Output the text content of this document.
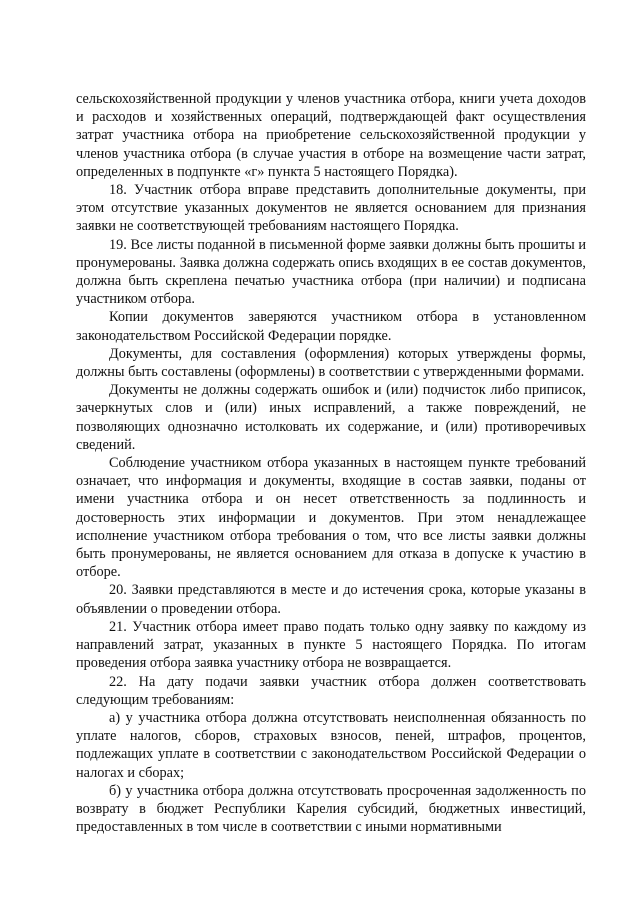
сельскохозяйственной продукции у членов участника отбора, книги учета доходов и расходов и хозяйственных операций, подтверждающей факт осуществления затрат участника отбора на приобретение сельскохозяйственной продукции у членов участника отбора (в случае участия в отборе на возмещение части затрат, определенных в подпункте «г» пункта 5 настоящего Порядка).

18. Участник отбора вправе представить дополнительные документы, при этом отсутствие указанных документов не является основанием для признания заявки не соответствующей требованиям настоящего Порядка.

19. Все листы поданной в письменной форме заявки должны быть прошиты и пронумерованы. Заявка должна содержать опись входящих в ее состав документов, должна быть скреплена печатью участника отбора (при наличии) и подписана участником отбора.

Копии документов заверяются участником отбора в установленном законодательством Российской Федерации порядке.

Документы, для составления (оформления) которых утверждены формы, должны быть составлены (оформлены) в соответствии с утвержденными формами.

Документы не должны содержать ошибок и (или) подчисток либо приписок, зачеркнутых слов и (или) иных исправлений, а также повреждений, не позволяющих однозначно истолковать их содержание, и (или) противоречивых сведений.

Соблюдение участником отбора указанных в настоящем пункте требований означает, что информация и документы, входящие в состав заявки, поданы от имени участника отбора и он несет ответственность за подлинность и достоверность этих информации и документов. При этом ненадлежащее исполнение участником отбора требования о том, что все листы заявки должны быть пронумерованы, не является основанием для отказа в допуске к участию в отборе.

20. Заявки представляются в месте и до истечения срока, которые указаны в объявлении о проведении отбора.

21. Участник отбора имеет право подать только одну заявку по каждому из направлений затрат, указанных в пункте 5 настоящего Порядка. По итогам проведения отбора заявка участнику отбора не возвращается.

22. На дату подачи заявки участник отбора должен соответствовать следующим требованиям:

а) у участника отбора должна отсутствовать неисполненная обязанность по уплате налогов, сборов, страховых взносов, пеней, штрафов, процентов, подлежащих уплате в соответствии с законодательством Российской Федерации о налогах и сборах;

б) у участника отбора должна отсутствовать просроченная задолженность по возврату в бюджет Республики Карелия субсидий, бюджетных инвестиций, предоставленных в том числе в соответствии с иными нормативными
